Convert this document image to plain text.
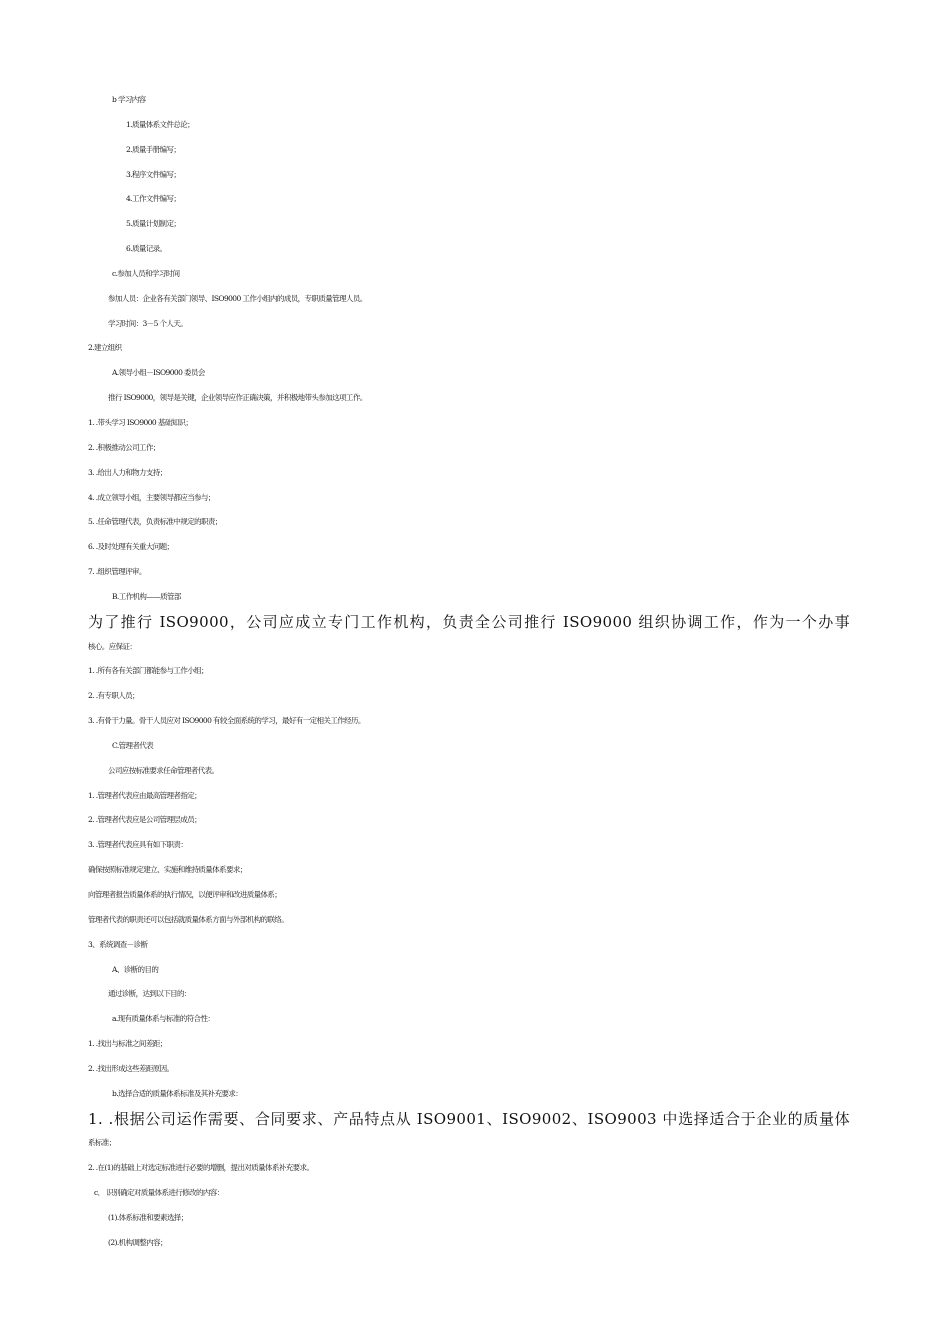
b 学习内容
1.质量体系文件总论；
2.质量手册编写；
3.程序文件编写；
4.工作文件编写；
5.质量计划制定；
6.质量记录。
c.参加人员和学习时间
参加人员：企业各有关部门领导、ISO9000 工作小组内的成员，专职质量管理人员。
学习时间：3－5 个人天。
2.建立组织
A.领导小组－ISO9000 委员会
推行 ISO9000，领导是关键，企业领导应作正确决策，并积极地带头参加这项工作。
1. .带头学习 ISO9000 基础知识；
2. .积极推动公司工作；
3. .给出人力和物力支持；
4. .成立领导小组，主要领导都应当参与；
5. .任命管理代表，负责标准中规定的职责；
6. .及时处理有关重大问题；
7. .组织管理评审。
B.工作机构——质管部
为了推行 ISO9000，公司应成立专门工作机构，负责全公司推行 ISO9000 组织协调工作，作为一个办事
核心。应保证：
1. .所有各有关部门都能参与工作小组；
2. .有专职人员；
3. .有骨干力量。骨干人员应对 ISO9000 有较全面系统的学习，最好有一定相关工作经历。
C.管理者代表
公司应按标准要求任命管理者代表。
1. .管理者代表应由最高管理者指定；
2. .管理者代表应是公司管理层成员；
3. .管理者代表应具有如下职责：
确保按照标准规定建立、实施和维持质量体系要求；
向管理者报告质量体系的执行情况，以便评审和改进质量体系；
管理者代表的职责还可以包括就质量体系方面与外部机构的联络。
3、系统调查－诊断
A、诊断的目的
通过诊断，达到以下目的：
a.现有质量体系与标准的符合性：
1. .找出与标准之间差距；
2. .找出形成这些差距原因。
b.选择合适的质量体系标准及其补充要求：
1. .根据公司运作需要、合同要求、产品特点从 ISO9001、ISO9002、ISO9003 中选择适合于企业的质量体
系标准；
2. .在(1)的基础上对选定标准进行必要的增删，提出对质量体系补充要求。
c． 识别确定对质量体系进行修改的内容：
(1).体系标准和要素选择；
(2).机构调整内容；
